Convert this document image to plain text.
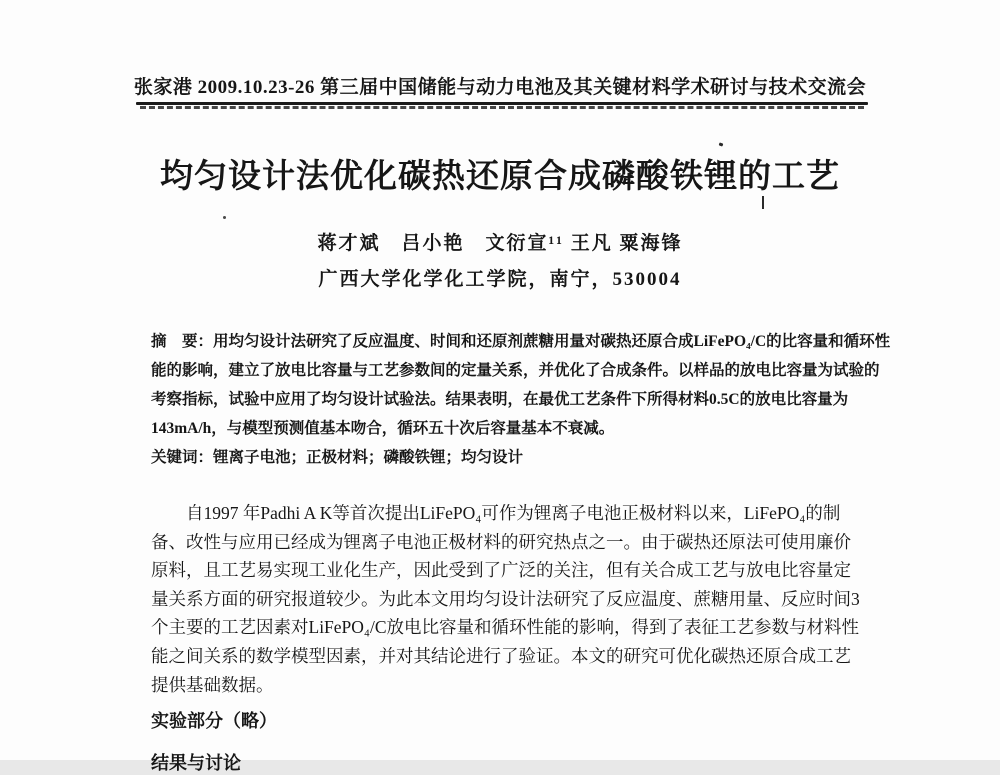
张家港 2009.10.23-26 第三届中国储能与动力电池及其关键材料学术研讨与技术交流会
均匀设计法优化碳热还原合成磷酸铁锂的工艺
蒋才斌　吕小艳　文衍宣¹¹ 王凡 粟海锋
广西大学化学化工学院，南宁，530004
摘　要：用均匀设计法研究了反应温度、时间和还原剂蔗糖用量对碳热还原合成LiFePO₄/C的比容量和循环性
能的影响，建立了放电比容量与工艺参数间的定量关系，并优化了合成条件。以样品的放电比容量为试验的
考察指标，试验中应用了均匀设计试验法。结果表明，在最优工艺条件下所得材料0.5C的放电比容量为
143mA/h，与模型预测值基本吻合，循环五十次后容量基本不衰减。
关键词：锂离子电池；正极材料；磷酸铁锂；均匀设计
自1997 年Padhi A K等首次提出LiFePO₄可作为锂离子电池正极材料以来，LiFePO₄的制
备、改性与应用已经成为锂离子电池正极材料的研究热点之一。由于碳热还原法可使用廉价
原料，且工艺易实现工业化生产，因此受到了广泛的关注，但有关合成工艺与放电比容量定
量关系方面的研究报道较少。为此本文用均匀设计法研究了反应温度、蔗糖用量、反应时间3
个主要的工艺因素对LiFePO₄/C放电比容量和循环性能的影响，得到了表征工艺参数与材料性
能之间关系的数学模型因素，并对其结论进行了验证。本文的研究可优化碳热还原合成工艺
提供基础数据。
实验部分（略）
结果与讨论
